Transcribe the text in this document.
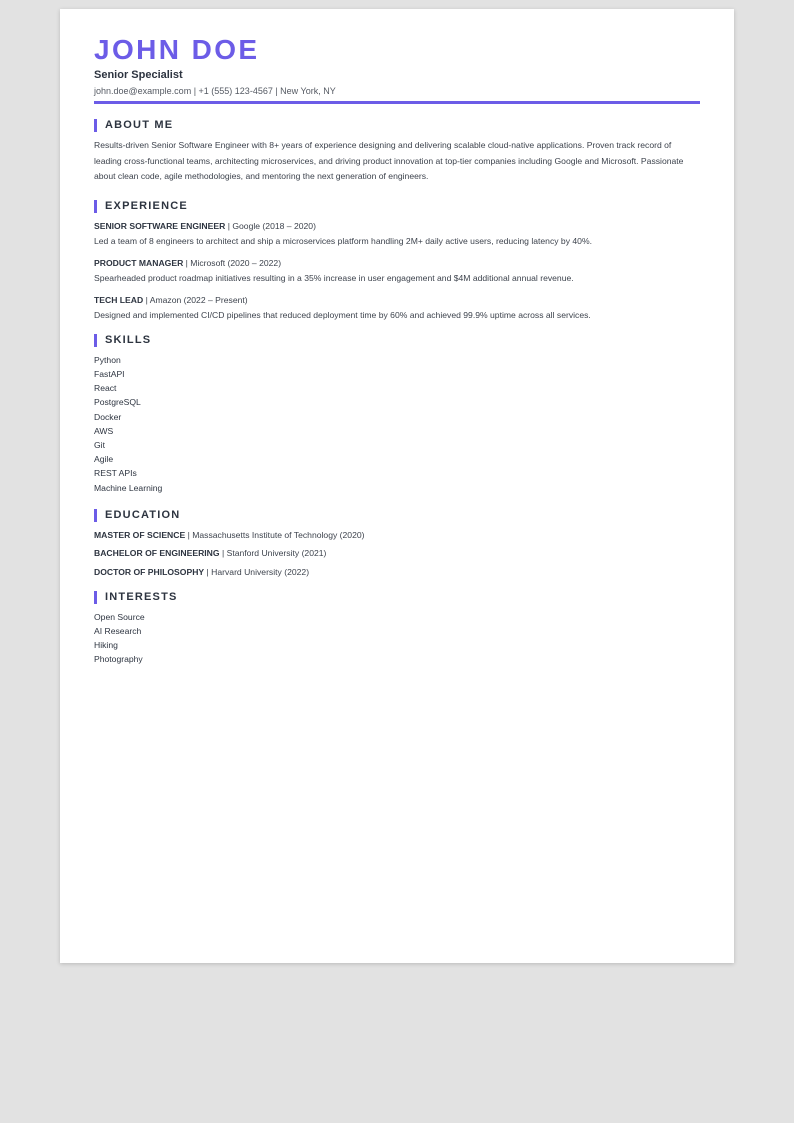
JOHN DOE
Senior Specialist
john.doe@example.com | +1 (555) 123-4567 | New York, NY
ABOUT ME

Results-driven Senior Software Engineer with 8+ years of experience designing and delivering scalable cloud-native applications. Proven track record of leading cross-functional teams, architecting microservices, and driving product innovation at top-tier companies including Google and Microsoft. Passionate about clean code, agile methodologies, and mentoring the next generation of engineers.

EXPERIENCE
SENIOR SOFTWARE ENGINEER | Google (2018 – 2020)

Led a team of 8 engineers to architect and ship a microservices platform handling 2M+ daily active users, reducing latency by 40%.

PRODUCT MANAGER | Microsoft (2020 – 2022)

Spearheaded product roadmap initiatives resulting in a 35% increase in user engagement and $4M additional annual revenue.

TECH LEAD | Amazon (2022 – Present)

Designed and implemented CI/CD pipelines that reduced deployment time by 60% and achieved 99.9% uptime across all services.

SKILLS
Python
FastAPI
React
PostgreSQL
Docker
AWS
Git
Agile
REST APIs
Machine Learning
EDUCATION
MASTER OF SCIENCE | Massachusetts Institute of Technology (2020)
BACHELOR OF ENGINEERING | Stanford University (2021)
DOCTOR OF PHILOSOPHY | Harvard University (2022)
INTERESTS
Open Source
AI Research
Hiking
Photography
